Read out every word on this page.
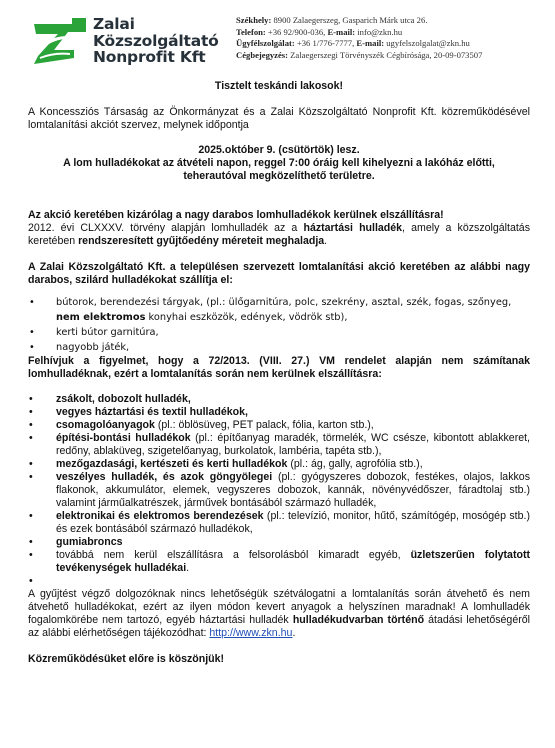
Zalai
Közszolgáltató
Nonprofit Kft
Székhely: 8900 Zalaegerszeg, Gasparich Márk utca 26.
Telefon: +36 92/900-036, E-mail: info@zkn.hu
Ügyfélszolgálat: +36 1/776-7777, E-mail: ugyfelszolgalat@zkn.hu
Cégbejegyzés: Zalaegerszegi Törvényszék Cégbírósága, 20-09-073507

Tisztelt teskándi lakosok!

A Koncessziós Társaság az Önkormányzat és a Zalai Közszolgáltató Nonprofit Kft. közreműködésével lomtalanítási akciót szervez, melynek időpontja

2025.október 9. (csütörtök) lesz.

A lom hulladékokat az átvételi napon, reggel 7:00 óráig kell kihelyezni a lakóház előtti, teherautóval megközelíthető területre.

Az akció keretében kizárólag a nagy darabos lomhulladékok kerülnek elszállításra!

2012. évi CLXXXV. törvény alapján lomhulladék az a háztartási hulladék, amely a közszolgáltatás keretében rendszeresített gyűjtőedény méreteit meghaladja.

A Zalai Közszolgáltató Kft. a településen szervezett lomtalanítási akció keretében az alábbi nagy darabos, szilárd hulladékokat szállítja el:

• bútorok, berendezési tárgyak, (pl.: ülőgarnitúra, polc, szekrény, asztal, szék, fogas, szőnyeg, nem elektromos konyhai eszközök, edények, vödrök stb),
• kerti bútor garnitúra,
• nagyobb játék,

Felhívjuk a figyelmet, hogy a 72/2013. (VIII. 27.) VM rendelet alapján nem számítanak lomhulladéknak, ezért a lomtalanítás során nem kerülnek elszállításra:

• zsákolt, dobozolt hulladék,
• vegyes háztartási és textil hulladékok,
• csomagolóanyagok (pl.: öblösüveg, PET palack, fólia, karton stb.),
• építési-bontási hulladékok (pl.: építőanyag maradék, törmelék, WC csésze, kibontott ablakkeret, redőny, ablaküveg, szigetelőanyag, burkolatok, lambéria, tapéta stb.),
• mezőgazdasági, kertészeti és kerti hulladékok (pl.: ág, gally, agrofólia stb.),
• veszélyes hulladék, és azok göngyölegei (pl.: gyógyszeres dobozok, festékes, olajos, lakkos flakonok, akkumulátor, elemek, vegyszeres dobozok, kannák, növényvédőszer, fáradtolaj stb.) valamint járműalkatrészek, járművek bontásából származó hulladék,
• elektronikai és elektromos berendezések (pl.: televízió, monitor, hűtő, számítógép, mosógép stb.) és ezek bontásából származó hulladékok,
• gumiabroncs
• továbbá nem kerül elszállításra a felsorolásból kimaradt egyéb, üzletszerűen folytatott tevékenységek hulladékai.
•

A gyűjtést végző dolgozóknak nincs lehetőségük szétválogatni a lomtalanítás során átvehető és nem átvehető hulladékokat, ezért az ilyen módon kevert anyagok a helyszínen maradnak! A lomhulladék fogalomkörébe nem tartozó, egyéb háztartási hulladék hulladékudvarban történő átadási lehetőségéről az alábbi elérhetőségen tájékozódhat: http://www.zkn.hu.

Közreműködésüket előre is köszönjük!
